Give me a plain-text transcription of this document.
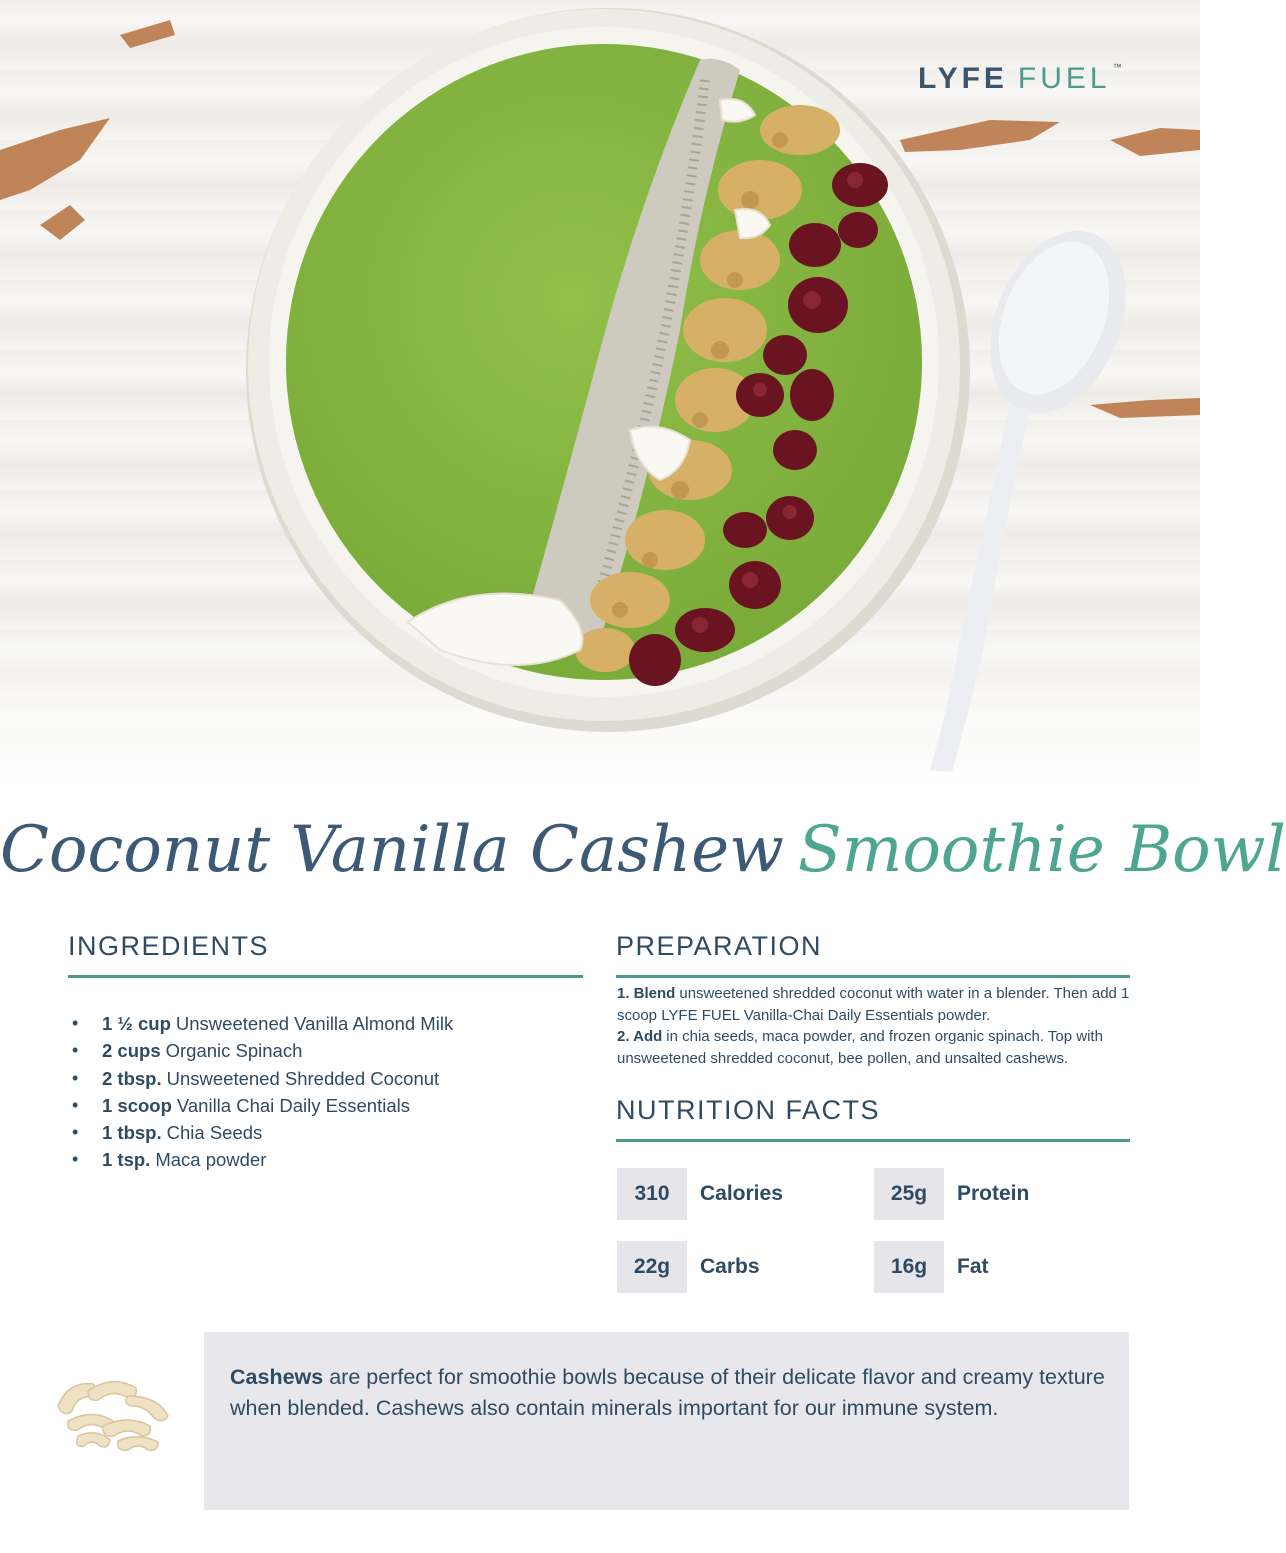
LYFE FUEL ™
Coconut Vanilla Cashew Smoothie Bowl
INGREDIENTS
• 1 ½ cup Unsweetened Vanilla Almond Milk
• 2 cups Organic Spinach
• 2 tbsp. Unsweetened Shredded Coconut
• 1 scoop Vanilla Chai Daily Essentials
• 1 tbsp. Chia Seeds
• 1 tsp. Maca powder
PREPARATION
1. Blend unsweetened shredded coconut with water in a blender. Then add 1 scoop LYFE FUEL Vanilla-Chai Daily Essentials powder.
2. Add in chia seeds, maca powder, and frozen organic spinach. Top with unsweetened shredded coconut, bee pollen, and unsalted cashews.
NUTRITION FACTS
310	Calories	25g	Protein
22g	Carbs	16g	Fat

Cashews are perfect for smoothie bowls because of their delicate flavor and creamy texture when blended. Cashews also contain minerals important for our immune system.
